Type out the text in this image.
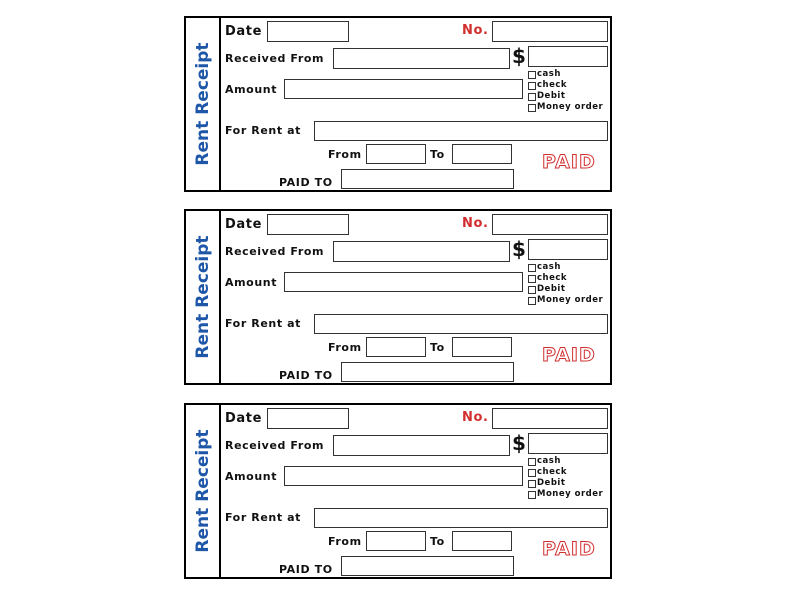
Rent Receipt
Date	No.
Received From	$
Amount
cash
check
Debit
Money order
For Rent at
From	To	PAID
PAID TO
Rent Receipt
Date	No.
Received From	$
Amount
cash
check
Debit
Money order
For Rent at
From	To	PAID
PAID TO
Rent Receipt
Date	No.
Received From	$
Amount
cash
check
Debit
Money order
For Rent at
From	To	PAID
PAID TO
